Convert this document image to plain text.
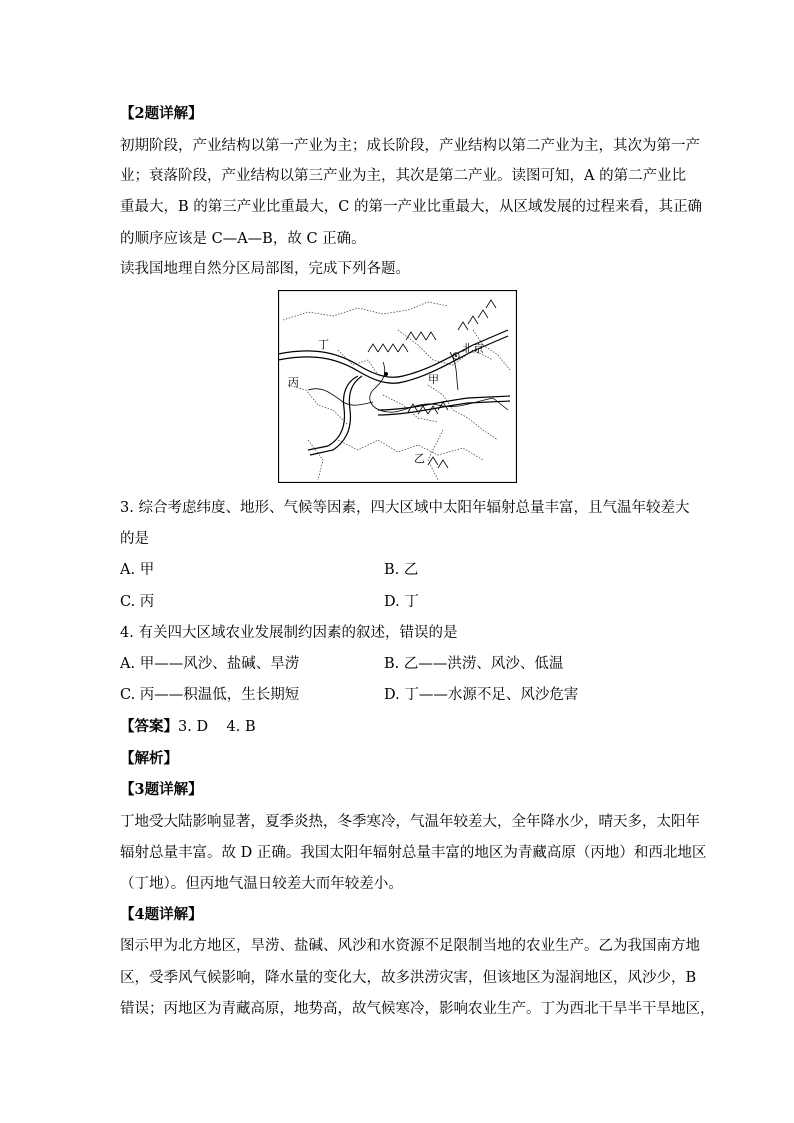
【2题详解】
初期阶段，产业结构以第一产业为主；成长阶段，产业结构以第二产业为主，其次为第一产
业；衰落阶段，产业结构以第三产业为主，其次是第二产业。读图可知，A 的第二产业比
重最大，B 的第三产业比重最大，C 的第一产业比重最大，从区域发展的过程来看，其正确
的顺序应该是 C—A—B，故 C 正确。
读我国地理自然分区局部图，完成下列各题。
丁
丙	甲
乙
北京
3. 综合考虑纬度、地形、气候等因素，四大区域中太阳年辐射总量丰富，且气温年较差大
的是
A. 甲	B. 乙
C. 丙	D. 丁
4. 有关四大区域农业发展制约因素的叙述，错误的是
A. 甲——风沙、盐碱、旱涝	B. 乙——洪涝、风沙、低温
C. 丙——积温低，生长期短	D. 丁——水源不足、风沙危害
【答案】3. D    4. B
【解析】
【3题详解】
丁地受大陆影响显著，夏季炎热，冬季寒冷，气温年较差大，全年降水少，晴天多，太阳年
辐射总量丰富。故 D 正确。我国太阳年辐射总量丰富的地区为青藏高原（丙地）和西北地区
（丁地）。但丙地气温日较差大而年较差小。
【4题详解】
图示甲为北方地区，旱涝、盐碱、风沙和水资源不足限制当地的农业生产。乙为我国南方地
区，受季风气候影响，降水量的变化大，故多洪涝灾害，但该地区为湿润地区，风沙少，B
错误；丙地区为青藏高原，地势高，故气候寒冷，影响农业生产。丁为西北干旱半干旱地区，
